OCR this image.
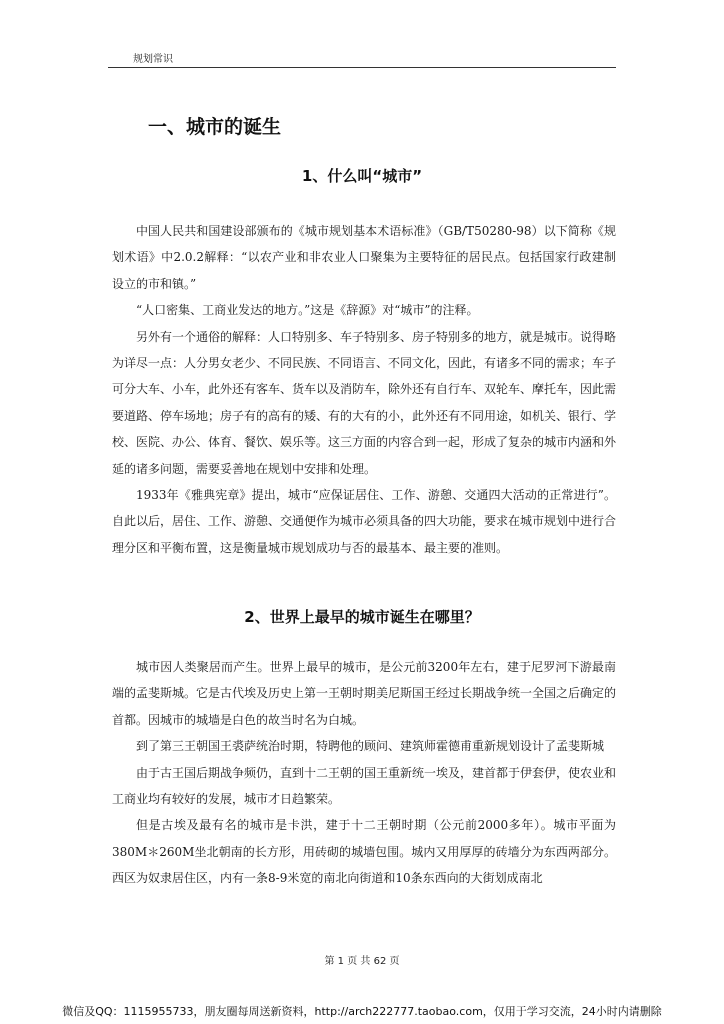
规划常识
一、城市的诞生
1、什么叫“城市”

中国人民共和国建设部颁布的《城市规划基本术语标准》（GB/T50280-98）以下简称《规划术语》中2.0.2解释：“以农产业和非农业人口聚集为主要特征的居民点。包括国家行政建制设立的市和镇。”

“人口密集、工商业发达的地方。”这是《辞源》对“城市”的注释。

另外有一个通俗的解释：人口特别多、车子特别多、房子特别多的地方，就是城市。说得略为详尽一点：人分男女老少、不同民族、不同语言、不同文化，因此，有诸多不同的需求；车子可分大车、小车，此外还有客车、货车以及消防车，除外还有自行车、双轮车、摩托车，因此需要道路、停车场地；房子有的高有的矮、有的大有的小，此外还有不同用途，如机关、银行、学校、医院、办公、体育、餐饮、娱乐等。这三方面的内容合到一起，形成了复杂的城市内涵和外延的诸多问题，需要妥善地在规划中安排和处理。

1933年《雅典宪章》提出，城市“应保证居住、工作、游憩、交通四大活动的正常进行”。自此以后，居住、工作、游憩、交通便作为城市必须具备的四大功能，要求在城市规划中进行合理分区和平衡布置，这是衡量城市规划成功与否的最基本、最主要的准则。

2、世界上最早的城市诞生在哪里？

城市因人类聚居而产生。世界上最早的城市，是公元前3200年左右，建于尼罗河下游最南端的孟斐斯城。它是古代埃及历史上第一王朝时期美尼斯国王经过长期战争统一全国之后确定的首都。因城市的城墙是白色的故当时名为白城。

到了第三王朝国王裘萨统治时期，特聘他的顾问、建筑师霍德甫重新规划设计了孟斐斯城

由于古王国后期战争频仍，直到十二王朝的国王重新统一埃及，建首都于伊套伊，使农业和工商业均有较好的发展，城市才日趋繁荣。

但是古埃及最有名的城市是卡洪，建于十二王朝时期（公元前2000多年）。城市平面为380M＊260M坐北朝南的长方形，用砖砌的城墙包围。城内又用厚厚的砖墙分为东西两部分。西区为奴隶居住区，内有一条8-9米宽的南北向街道和10条东西向的大街划成南北

第 1 页 共 62 页
微信及QQ：1115955733，朋友圈每周送新资料，http://arch222777.taobao.com，仅用于学习交流，24小时内请删除
